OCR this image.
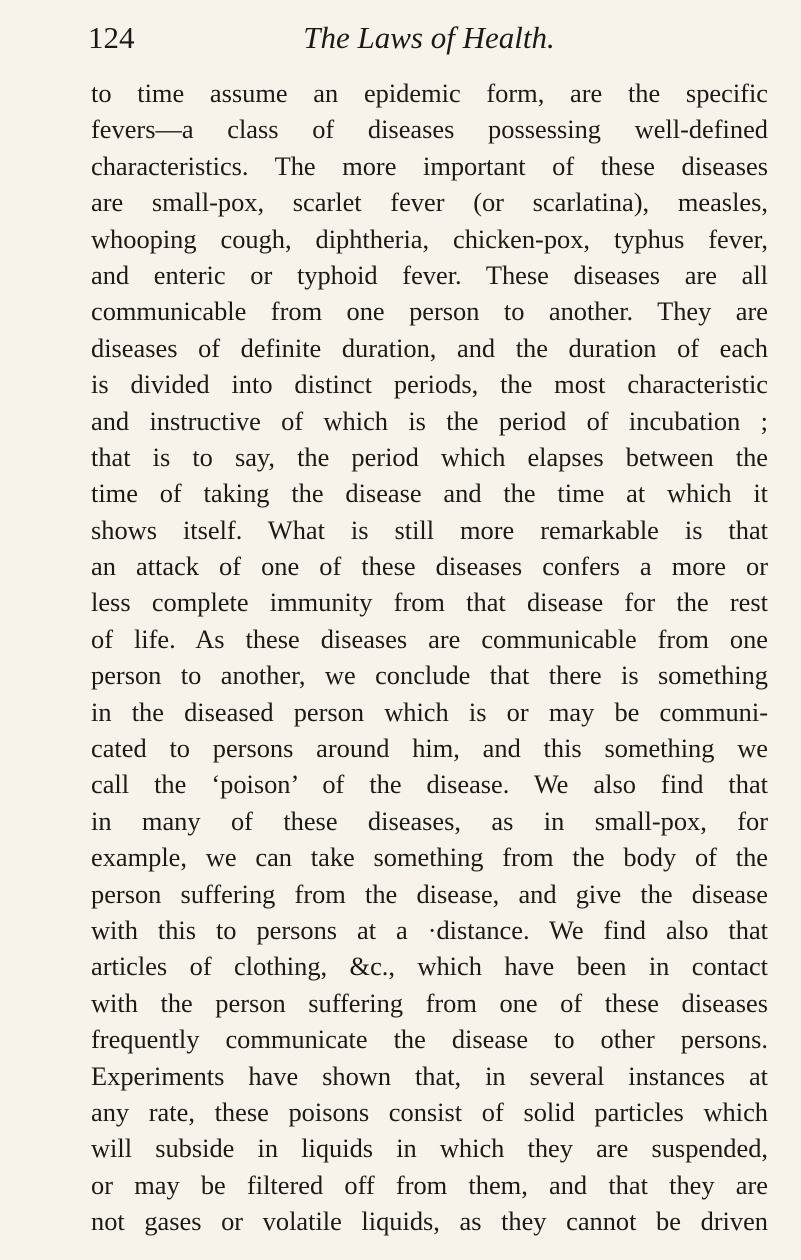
124	The Laws of Health.
to time assume an epidemic form, are the specific
fevers—a class of diseases possessing well-defined
characteristics. The more important of these diseases
are small-pox, scarlet fever (or scarlatina), measles,
whooping cough, diphtheria, chicken-pox, typhus fever,
and enteric or typhoid fever. These diseases are all
communicable from one person to another. They are
diseases of definite duration, and the duration of each
is divided into distinct periods, the most characteristic
and instructive of which is the period of incubation ;
that is to say, the period which elapses between the
time of taking the disease and the time at which it
shows itself. What is still more remarkable is that
an attack of one of these diseases confers a more or
less complete immunity from that disease for the rest
of life. As these diseases are communicable from one
person to another, we conclude that there is something
in the diseased person which is or may be communi-
cated to persons around him, and this something we
call the ‘poison’ of the disease. We also find that
in many of these diseases, as in small-pox, for
example, we can take something from the body of the
person suffering from the disease, and give the disease
with this to persons at a ·distance. We find also that
articles of clothing, &c., which have been in contact
with the person suffering from one of these diseases
frequently communicate the disease to other persons.
Experiments have shown that, in several instances at
any rate, these poisons consist of solid particles which
will subside in liquids in which they are suspended,
or may be filtered off from them, and that they are
not gases or volatile liquids, as they cannot be driven
